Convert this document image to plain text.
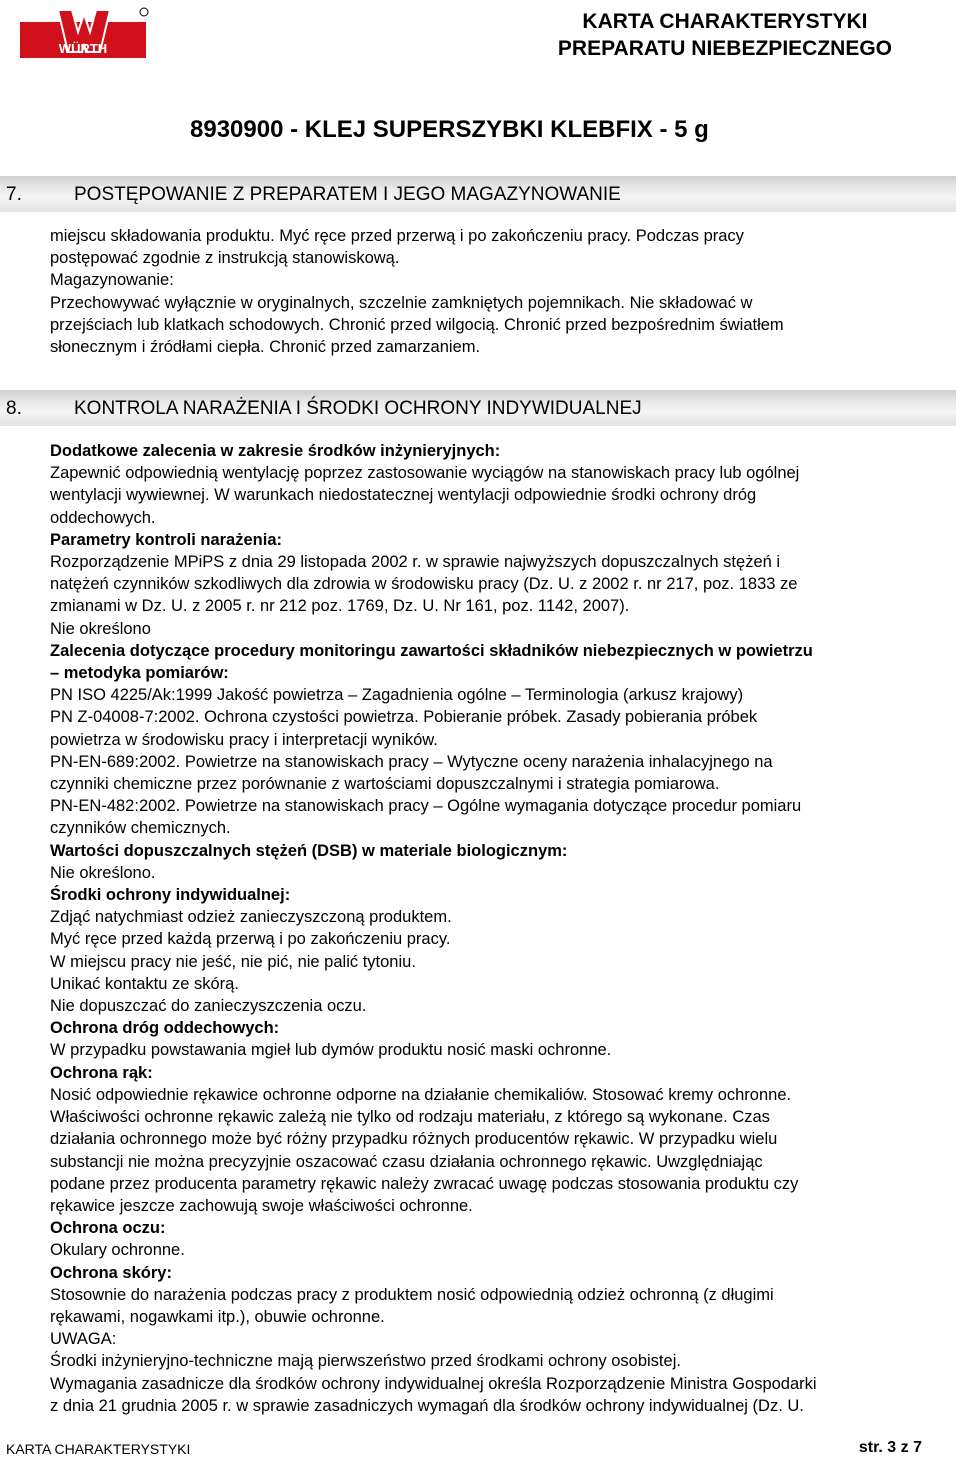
WÜRTH
KARTA CHARAKTERYSTYKI
PREPARATU NIEBEZPIECZNEGO
8930900 - KLEJ SUPERSZYBKI KLEBFIX - 5 g
7.	POSTĘPOWANIE Z PREPARATEM I JEGO MAGAZYNOWANIE

miejscu składowania produktu. Myć ręce przed przerwą i po zakończeniu pracy. Podczas pracy

postępować zgodnie z instrukcją stanowiskową.

Magazynowanie:

Przechowywać wyłącznie w oryginalnych, szczelnie zamkniętych pojemnikach. Nie składować w

przejściach lub klatkach schodowych. Chronić przed wilgocią. Chronić przed bezpośrednim światłem

słonecznym i źródłami ciepła. Chronić przed zamarzaniem.

8.	KONTROLA NARAŻENIA I ŚRODKI OCHRONY INDYWIDUALNEJ

Dodatkowe zalecenia w zakresie środków inżynieryjnych:

Zapewnić odpowiednią wentylację poprzez zastosowanie wyciągów na stanowiskach pracy lub ogólnej

wentylacji wywiewnej. W warunkach niedostatecznej wentylacji odpowiednie środki ochrony dróg

oddechowych.

Parametry kontroli narażenia:

Rozporządzenie MPiPS z dnia 29 listopada 2002 r. w sprawie najwyższych dopuszczalnych stężeń i

natężeń czynników szkodliwych dla zdrowia w środowisku pracy (Dz. U. z 2002 r. nr 217, poz. 1833 ze

zmianami w Dz. U. z 2005 r. nr 212 poz. 1769, Dz. U. Nr 161, poz. 1142, 2007).

Nie określono

Zalecenia dotyczące procedury monitoringu zawartości składników niebezpiecznych w powietrzu

– metodyka pomiarów:

PN ISO 4225/Ak:1999 Jakość powietrza – Zagadnienia ogólne – Terminologia (arkusz krajowy)

PN Z-04008-7:2002. Ochrona czystości powietrza. Pobieranie próbek. Zasady pobierania próbek

powietrza w środowisku pracy i interpretacji wyników.

PN-EN-689:2002. Powietrze na stanowiskach pracy – Wytyczne oceny narażenia inhalacyjnego na

czynniki chemiczne przez porównanie z wartościami dopuszczalnymi i strategia pomiarowa.

PN-EN-482:2002. Powietrze na stanowiskach pracy – Ogólne wymagania dotyczące procedur pomiaru

czynników chemicznych.

Wartości dopuszczalnych stężeń (DSB) w materiale biologicznym:

Nie określono.

Środki ochrony indywidualnej:

Zdjąć natychmiast odzież zanieczyszczoną produktem.

Myć ręce przed każdą przerwą i po zakończeniu pracy.

W miejscu pracy nie jeść, nie pić, nie palić tytoniu.

Unikać kontaktu ze skórą.

Nie dopuszczać do zanieczyszczenia oczu.

Ochrona dróg oddechowych:

W przypadku powstawania mgieł lub dymów produktu nosić maski ochronne.

Ochrona rąk:

Nosić odpowiednie rękawice ochronne odporne na działanie chemikaliów. Stosować kremy ochronne.

Właściwości ochronne rękawic zależą nie tylko od rodzaju materiału, z którego są wykonane. Czas

działania ochronnego może być różny przypadku różnych producentów rękawic. W przypadku wielu

substancji nie można precyzyjnie oszacować czasu działania ochronnego rękawic. Uwzględniając

podane przez producenta parametry rękawic należy zwracać uwagę podczas stosowania produktu czy

rękawice jeszcze zachowują swoje właściwości ochronne.

Ochrona oczu:

Okulary ochronne.

Ochrona skóry:

Stosownie do narażenia podczas pracy z produktem nosić odpowiednią odzież ochronną (z długimi

rękawami, nogawkami itp.), obuwie ochronne.

UWAGA:

Środki inżynieryjno-techniczne mają pierwszeństwo przed środkami ochrony osobistej.

Wymagania zasadnicze dla środków ochrony indywidualnej określa Rozporządzenie Ministra Gospodarki

z dnia 21 grudnia 2005 r. w sprawie zasadniczych wymagań dla środków ochrony indywidualnej (Dz. U.

KARTA CHARAKTERYSTYKI	str. 3 z 7
